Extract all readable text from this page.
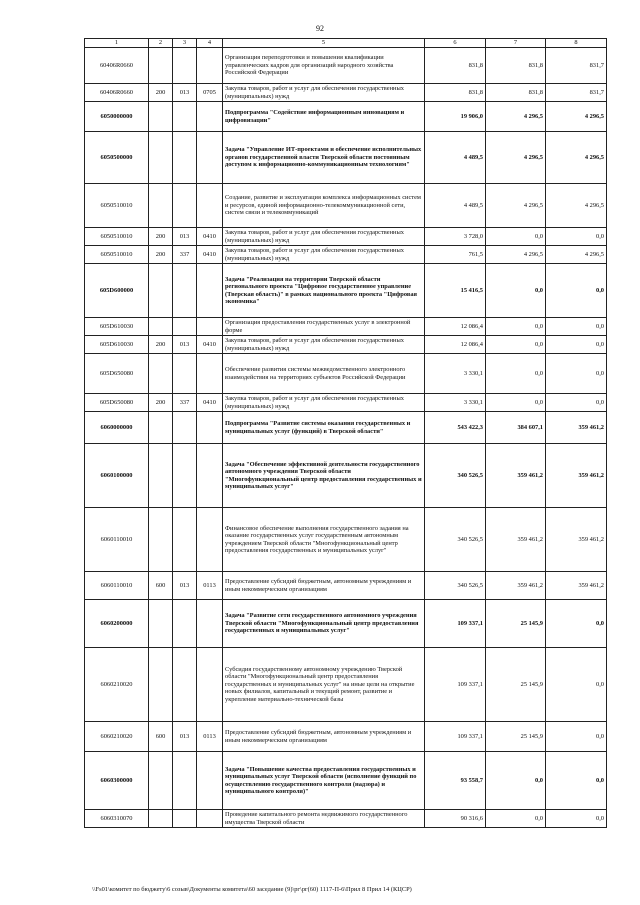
92
1	2	3	4	5	6	7	8
60406R0660				Организация переподготовки и повышения квалификации управленческих кадров для организаций народного хозяйства Российской Федерации	831,8	831,8	831,7
60406R0660	200	013	0705	Закупка товаров, работ и услуг для обеспечения государственных (муниципальных) нужд	831,8	831,8	831,7
6050000000				Подпрограмма "Содействие информационным инновациям и цифровизации"	19 906,0	4 296,5	4 296,5
6050500000				Задача "Управление ИТ-проектами и обеспечение исполнительных органов государственной власти Тверской области постоянным доступом к информационно-коммуникационным технологиям"	4 489,5	4 296,5	4 296,5
6050510010				Создание, развитие и эксплуатация комплекса информационных систем и ресурсов, единой информационно-телекоммуникационной сети, систем связи и телекоммуникаций	4 489,5	4 296,5	4 296,5
6050510010	200	013	0410	Закупка товаров, работ и услуг для обеспечения государственных (муниципальных) нужд	3 728,0	0,0	0,0
6050510010	200	337	0410	Закупка товаров, работ и услуг для обеспечения государственных (муниципальных) нужд	761,5	4 296,5	4 296,5
605D600000				Задача "Реализация на территории Тверской области регионального проекта "Цифровое государственное управление (Тверская область)" в рамках национального проекта "Цифровая экономика"	15 416,5	0,0	0,0
605D610030				Организация предоставления государственных услуг в электронной форме	12 086,4	0,0	0,0
605D610030	200	013	0410	Закупка товаров, работ и услуг для обеспечения государственных (муниципальных) нужд	12 086,4	0,0	0,0
605D650080				Обеспечение развития системы межведомственного электронного взаимодействия на территориях субъектов Российской Федерации	3 330,1	0,0	0,0
605D650080	200	337	0410	Закупка товаров, работ и услуг для обеспечения государственных (муниципальных) нужд	3 330,1	0,0	0,0
6060000000				Подпрограмма "Развитие системы оказания государственных и муниципальных услуг (функций) в Тверской области"	543 422,3	384 607,1	359 461,2
6060100000				Задача "Обеспечение эффективной деятельности государственного автономного учреждения Тверской области "Многофункциональный центр предоставления государственных и муниципальных услуг"	340 526,5	359 461,2	359 461,2
6060110010				Финансовое обеспечение выполнения государственного задания на оказание государственных услуг государственным автономным учреждением Тверской области "Многофункциональный центр предоставления государственных и муниципальных услуг"	340 526,5	359 461,2	359 461,2
6060110010	600	013	0113	Предоставление субсидий бюджетным, автономным учреждениям и иным некоммерческим организациям	340 526,5	359 461,2	359 461,2
6060200000				Задача "Развитие сети государственного автономного учреждения Тверской области "Многофункциональный центр предоставления государственных и муниципальных услуг"	109 337,1	25 145,9	0,0
6060210020				Субсидия государственному автономному учреждению Тверской области "Многофункциональный центр предоставления государственных и муниципальных услуг" на иные цели на открытие новых филиалов, капитальный и текущий ремонт, развитие и укрепление материально-технической базы	109 337,1	25 145,9	0,0
6060210020	600	013	0113	Предоставление субсидий бюджетным, автономным учреждениям и иным некоммерческим организациям	109 337,1	25 145,9	0,0
6060300000				Задача "Повышение качества предоставления государственных и муниципальных услуг Тверской области (исполнение функций по осуществлению государственного контроля (надзора) и муниципального контроля)"	93 558,7	0,0	0,0
6060310070				Проведение капитального ремонта недвижимого государственного имущества Тверской области	90 316,6	0,0	0,0
\\Fs01\комитет по бюджету\6 созыв\Документы комитета\60 заседание (9)\рг\рг(60) 1117-П-6\Прил 8 Прил 14 (КЦСР)
